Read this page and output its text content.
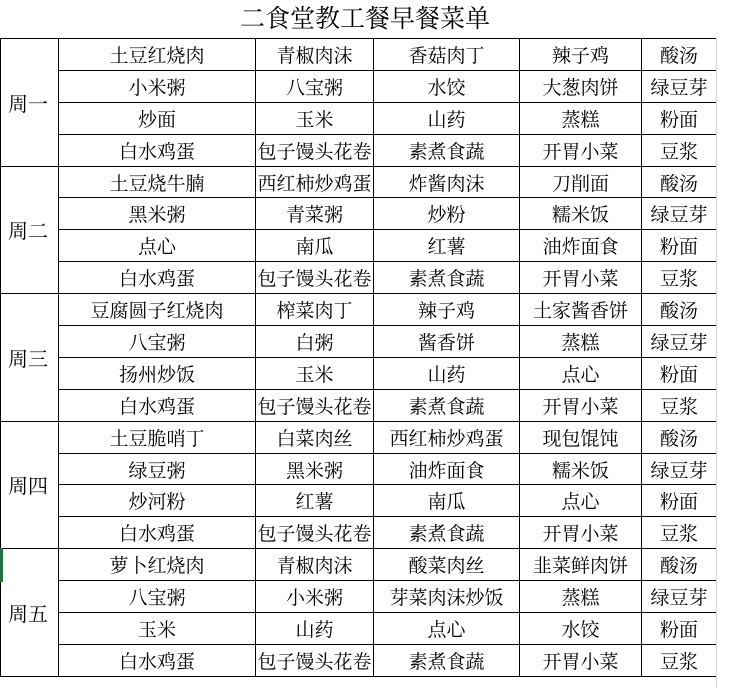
二食堂教工餐早餐菜单
周一	土豆红烧肉	青椒肉沫	香菇肉丁	辣子鸡	酸汤
	小米粥	八宝粥	水饺	大葱肉饼	绿豆芽
	炒面	玉米	山药	蒸糕	粉面
	白水鸡蛋	包子馒头花卷	素煮食蔬	开胃小菜	豆浆
周二	土豆烧牛腩	西红柿炒鸡蛋	炸酱肉沫	刀削面	酸汤
	黑米粥	青菜粥	炒粉	糯米饭	绿豆芽
	点心	南瓜	红薯	油炸面食	粉面
	白水鸡蛋	包子馒头花卷	素煮食蔬	开胃小菜	豆浆
周三	豆腐圆子红烧肉	榨菜肉丁	辣子鸡	土家酱香饼	酸汤
	八宝粥	白粥	酱香饼	蒸糕	绿豆芽
	扬州炒饭	玉米	山药	点心	粉面
	白水鸡蛋	包子馒头花卷	素煮食蔬	开胃小菜	豆浆
周四	土豆脆哨丁	白菜肉丝	西红柿炒鸡蛋	现包馄饨	酸汤
	绿豆粥	黑米粥	油炸面食	糯米饭	绿豆芽
	炒河粉	红薯	南瓜	点心	粉面
	白水鸡蛋	包子馒头花卷	素煮食蔬	开胃小菜	豆浆
周五	萝卜红烧肉	青椒肉沫	酸菜肉丝	韭菜鲜肉饼	酸汤
	八宝粥	小米粥	芽菜肉沫炒饭	蒸糕	绿豆芽
	玉米	山药	点心	水饺	粉面
	白水鸡蛋	包子馒头花卷	素煮食蔬	开胃小菜	豆浆
